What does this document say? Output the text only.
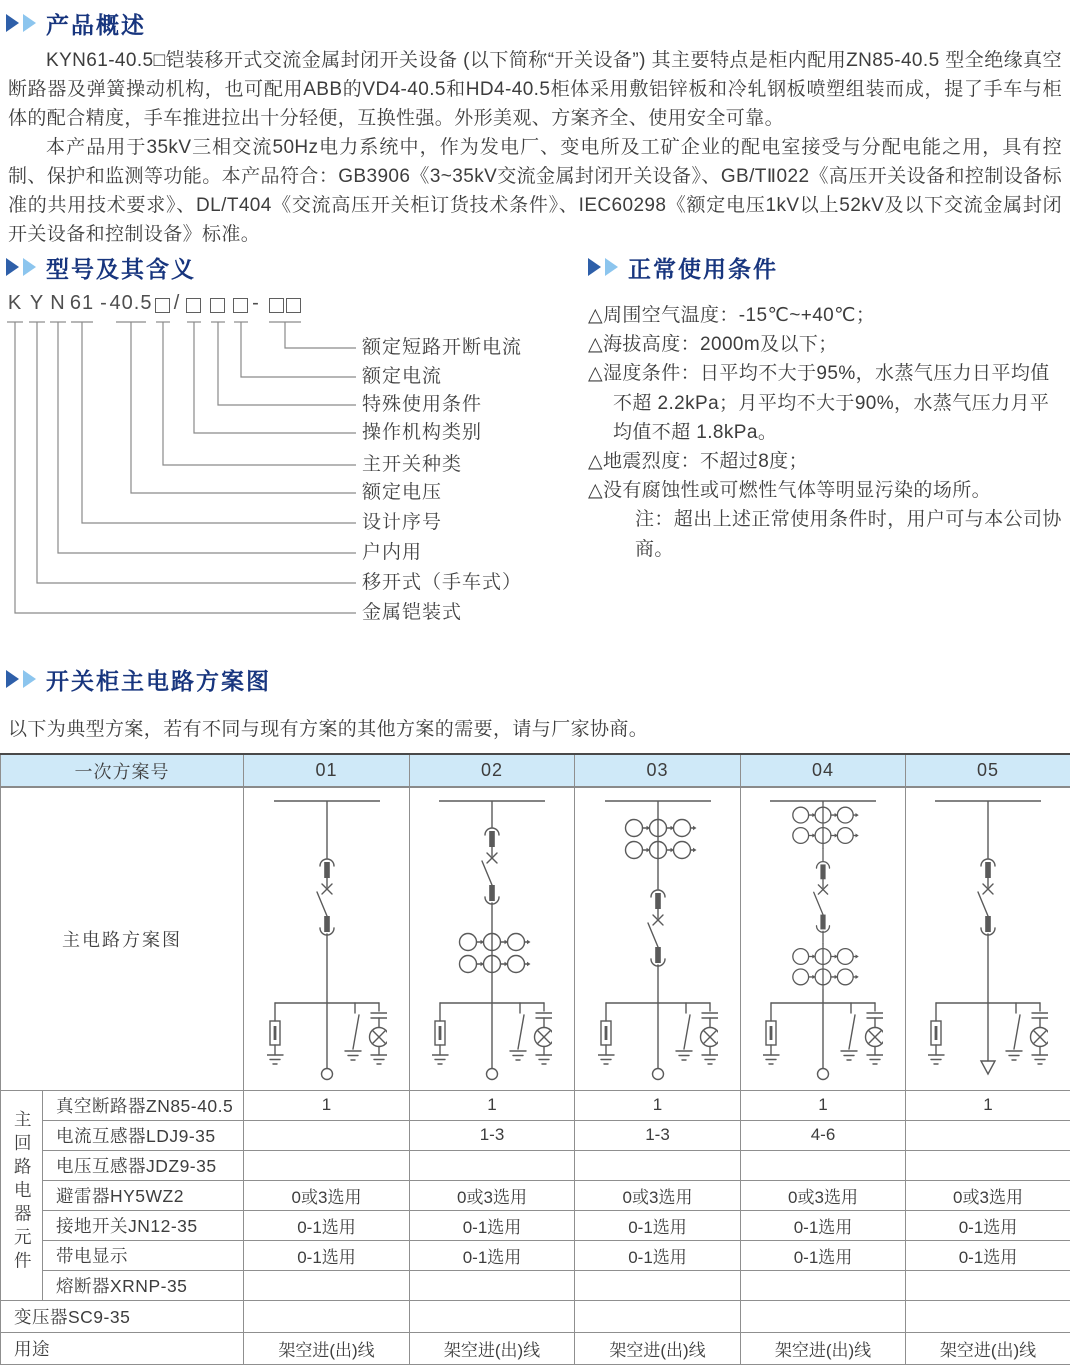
产品概述

KYN61-40.5□铠装移开式交流金属封闭开关设备 (以下简称“开关设备”) 其主要特点是柜内配用ZN85-40.5 型全绝缘真空断路器及弹簧操动机构，也可配用ABB的VD4-40.5和HD4-40.5柜体采用敷铝锌板和冷轧钢板喷塑组装而成，提了手车与柜体的配合精度，手车推进拉出十分轻便，互换性强。外形美观、方案齐全、使用安全可靠。

本产品用于35kV三相交流50Hz电力系统中，作为发电厂、变电所及工矿企业的配电室接受与分配电能之用，具有控制、保护和监测等功能。本产品符合：GB3906《3~35kV交流金属封闭开关设备》、GB/TⅡ022《高压开关设备和控制设备标准的共用技术要求》、DL/T404《交流高压开关柜订货技术条件》、IEC60298《额定电压1kV以上52kV及以下交流金属封闭开关设备和控制设备》标准。

型号及其含义
K Y N 61 - 40.5 /	-
额定短路开断电流
额定电流
特殊使用条件
操作机构类别
主开关种类
额定电压
设计序号
户内用
移开式（手车式）
金属铠装式
正常使用条件
△周围空气温度：-15℃~+40℃；
△海拔高度：2000m及以下；
△湿度条件：日平均不大于95%，水蒸气压力日平均值不超 2.2kPa；月平均不大于90%，水蒸气压力月平均值不超 1.8kPa。
△地震烈度：不超过8度；
△没有腐蚀性或可燃性气体等明显污染的场所。
注：超出上述正常使用条件时，用户可与本公司协商。
开关柜主电路方案图

以下为典型方案，若有不同与现有方案的其他方案的需要，请与厂家协商。

一次方案号		01	02	03	04	05
主电路方案图	

主回路电器元件	真空断路器ZN85-40.5	1	1	1	1	1
	电流互感器LDJ9-35		1-3	1-3	4-6	
	电压互感器JDZ9-35					
	避雷器HY5WZ2	0或3选用	0或3选用	0或3选用	0或3选用	0或3选用
	接地开关JN12-35	0-1选用	0-1选用	0-1选用	0-1选用	0-1选用
	带电显示	0-1选用	0-1选用	0-1选用	0-1选用	0-1选用
	熔断器XRNP-35					
变压器SC9-35						
用途		架空进(出)线	架空进(出)线	架空进(出)线	架空进(出)线	架空进(出)线
